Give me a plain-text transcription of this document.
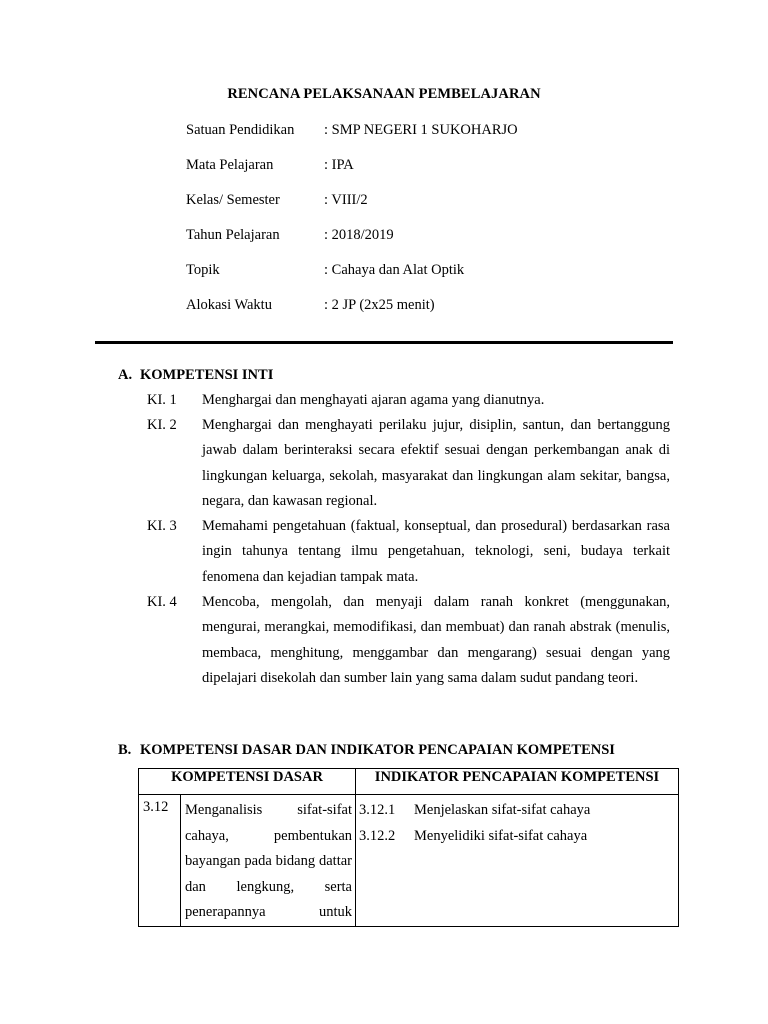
RENCANA PELAKSANAAN PEMBELAJARAN
Satuan Pendidikan	: SMP NEGERI 1 SUKOHARJO
Mata Pelajaran	: IPA
Kelas/ Semester	: VIII/2
Tahun Pelajaran	: 2018/2019
Topik	: Cahaya dan Alat Optik
Alokasi Waktu	: 2 JP (2x25 menit)
A. KOMPETENSI INTI
KI. 1	Menghargai dan menghayati ajaran agama yang dianutnya.
KI. 2	Menghargai dan menghayati perilaku jujur, disiplin, santun, dan bertanggung jawab dalam berinteraksi secara efektif sesuai dengan perkembangan anak di lingkungan keluarga, sekolah, masyarakat dan lingkungan alam sekitar, bangsa, negara, dan kawasan regional.
KI. 3	Memahami pengetahuan (faktual, konseptual, dan prosedural) berdasarkan rasa ingin tahunya tentang ilmu pengetahuan, teknologi, seni, budaya terkait fenomena dan kejadian tampak mata.
KI. 4	Mencoba, mengolah, dan menyaji dalam ranah konkret (menggunakan, mengurai, merangkai, memodifikasi, dan membuat) dan ranah abstrak (menulis, membaca, menghitung, menggambar dan mengarang) sesuai dengan yang dipelajari disekolah dan sumber lain yang sama dalam sudut pandang teori.
B. KOMPETENSI DASAR DAN INDIKATOR PENCAPAIAN KOMPETENSI
KOMPETENSI DASAR		INDIKATOR PENCAPAIAN KOMPETENSI
3.12	Menganalisis sifat-sifat cahaya, pembentukan bayangan pada bidang dattar dan lengkung, serta penerapannya untuk	3.12.1 Menjelaskan sifat-sifat cahaya
3.12.2 Menyelidiki sifat-sifat cahaya
